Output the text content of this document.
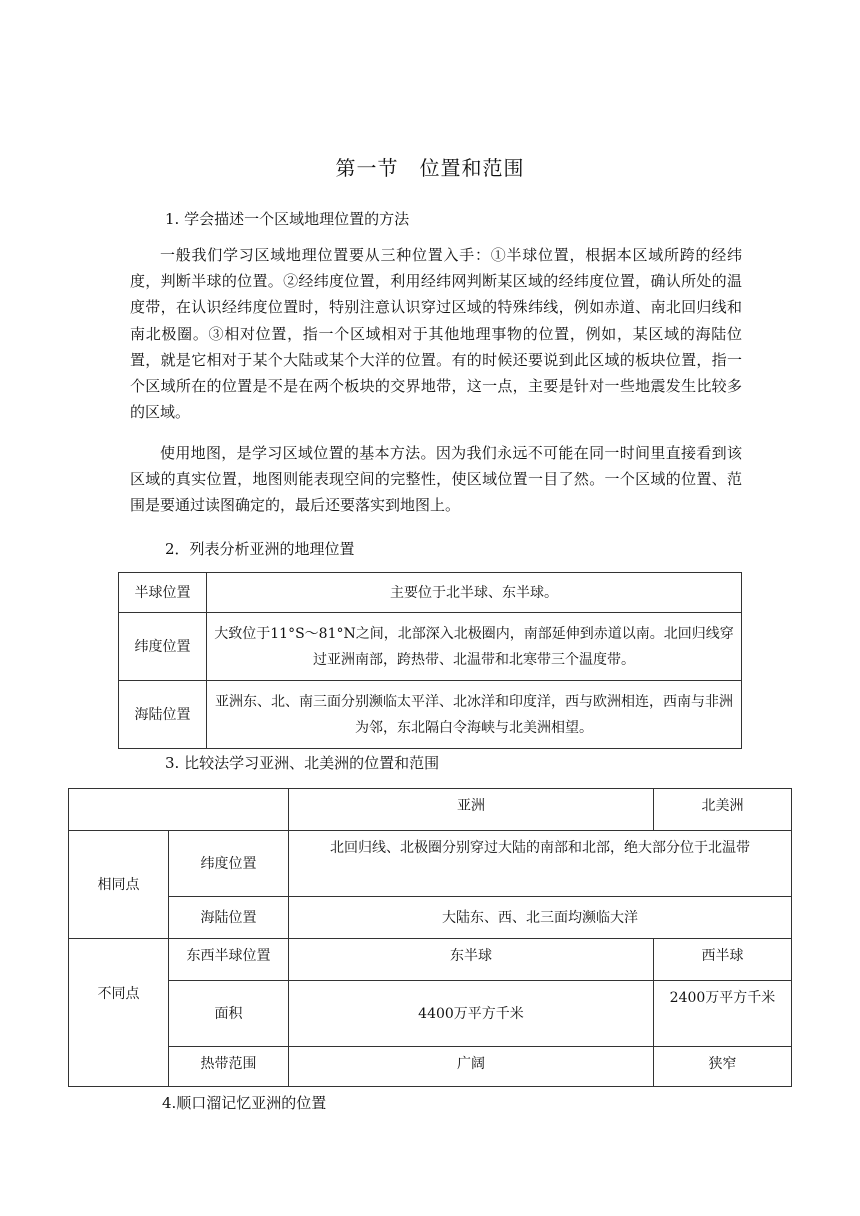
第一节　位置和范围

1. 学会描述一个区域地理位置的方法

一般我们学习区域地理位置要从三种位置入手：①半球位置，根据本区域所跨的经纬度，判断半球的位置。②经纬度位置，利用经纬网判断某区域的经纬度位置，确认所处的温度带，在认识经纬度位置时，特别注意认识穿过区域的特殊纬线，例如赤道、南北回归线和南北极圈。③相对位置，指一个区域相对于其他地理事物的位置，例如，某区域的海陆位置，就是它相对于某个大陆或某个大洋的位置。有的时候还要说到此区域的板块位置，指一个区域所在的位置是不是在两个板块的交界地带，这一点，主要是针对一些地震发生比较多的区域。

使用地图，是学习区域位置的基本方法。因为我们永远不可能在同一时间里直接看到该区域的真实位置，地图则能表现空间的完整性，使区域位置一目了然。一个区域的位置、范围是要通过读图确定的，最后还要落实到地图上。

2．列表分析亚洲的地理位置

半球位置	主要位于北半球、东半球。
纬度位置	大致位于11°S～81°N之间，北部深入北极圈内，南部延伸到赤道以南。北回归线穿过亚洲南部，跨热带、北温带和北寒带三个温度带。
海陆位置	亚洲东、北、南三面分别濒临太平洋、北冰洋和印度洋，西与欧洲相连，西南与非洲为邻，东北隔白令海峡与北美洲相望。

3. 比较法学习亚洲、北美洲的位置和范围

		亚洲	北美洲
相同点	纬度位置	北回归线、北极圈分别穿过大陆的南部和北部，绝大部分位于北温带	
	海陆位置	大陆东、西、北三面均濒临大洋	
不同点	东西半球位置	东半球	西半球
	面积	4400万平方千米	2400万平方千米
	热带范围	广阔	狭窄

4.顺口溜记忆亚洲的位置
